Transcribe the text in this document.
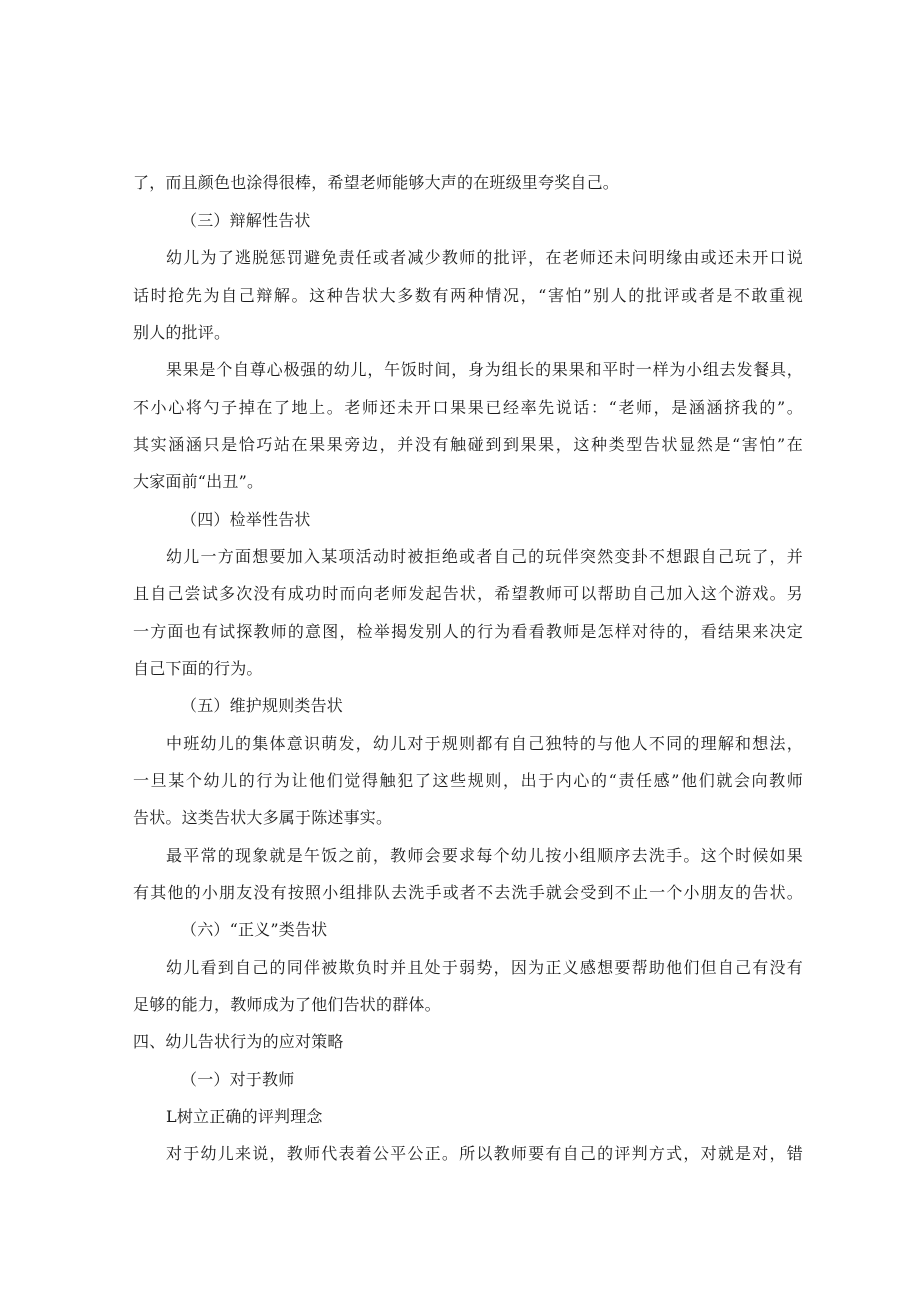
了，而且颜色也涂得很棒，希望老师能够大声的在班级里夸奖自己。
（三）辩解性告状
幼儿为了逃脱惩罚避免责任或者减少教师的批评，在老师还未问明缘由或还未开口说
话时抢先为自己辩解。这种告状大多数有两种情况，“害怕”别人的批评或者是不敢重视
别人的批评。
果果是个自尊心极强的幼儿，午饭时间，身为组长的果果和平时一样为小组去发餐具，
不小心将勺子掉在了地上。老师还未开口果果已经率先说话：“老师，是涵涵挤我的”。
其实涵涵只是恰巧站在果果旁边，并没有触碰到到果果，这种类型告状显然是“害怕”在
大家面前“出丑”。
（四）检举性告状
幼儿一方面想要加入某项活动时被拒绝或者自己的玩伴突然变卦不想跟自己玩了，并
且自己尝试多次没有成功时而向老师发起告状，希望教师可以帮助自己加入这个游戏。另
一方面也有试探教师的意图，检举揭发别人的行为看看教师是怎样对待的，看结果来决定
自己下面的行为。
（五）维护规则类告状
中班幼儿的集体意识萌发，幼儿对于规则都有自己独特的与他人不同的理解和想法，
一旦某个幼儿的行为让他们觉得触犯了这些规则，出于内心的“责任感”他们就会向教师
告状。这类告状大多属于陈述事实。
最平常的现象就是午饭之前，教师会要求每个幼儿按小组顺序去洗手。这个时候如果
有其他的小朋友没有按照小组排队去洗手或者不去洗手就会受到不止一个小朋友的告状。
（六）“正义”类告状
幼儿看到自己的同伴被欺负时并且处于弱势，因为正义感想要帮助他们但自己有没有
足够的能力，教师成为了他们告状的群体。
四、幼儿告状行为的应对策略
（一）对于教师
L树立正确的评判理念
对于幼儿来说，教师代表着公平公正。所以教师要有自己的评判方式，对就是对，错
